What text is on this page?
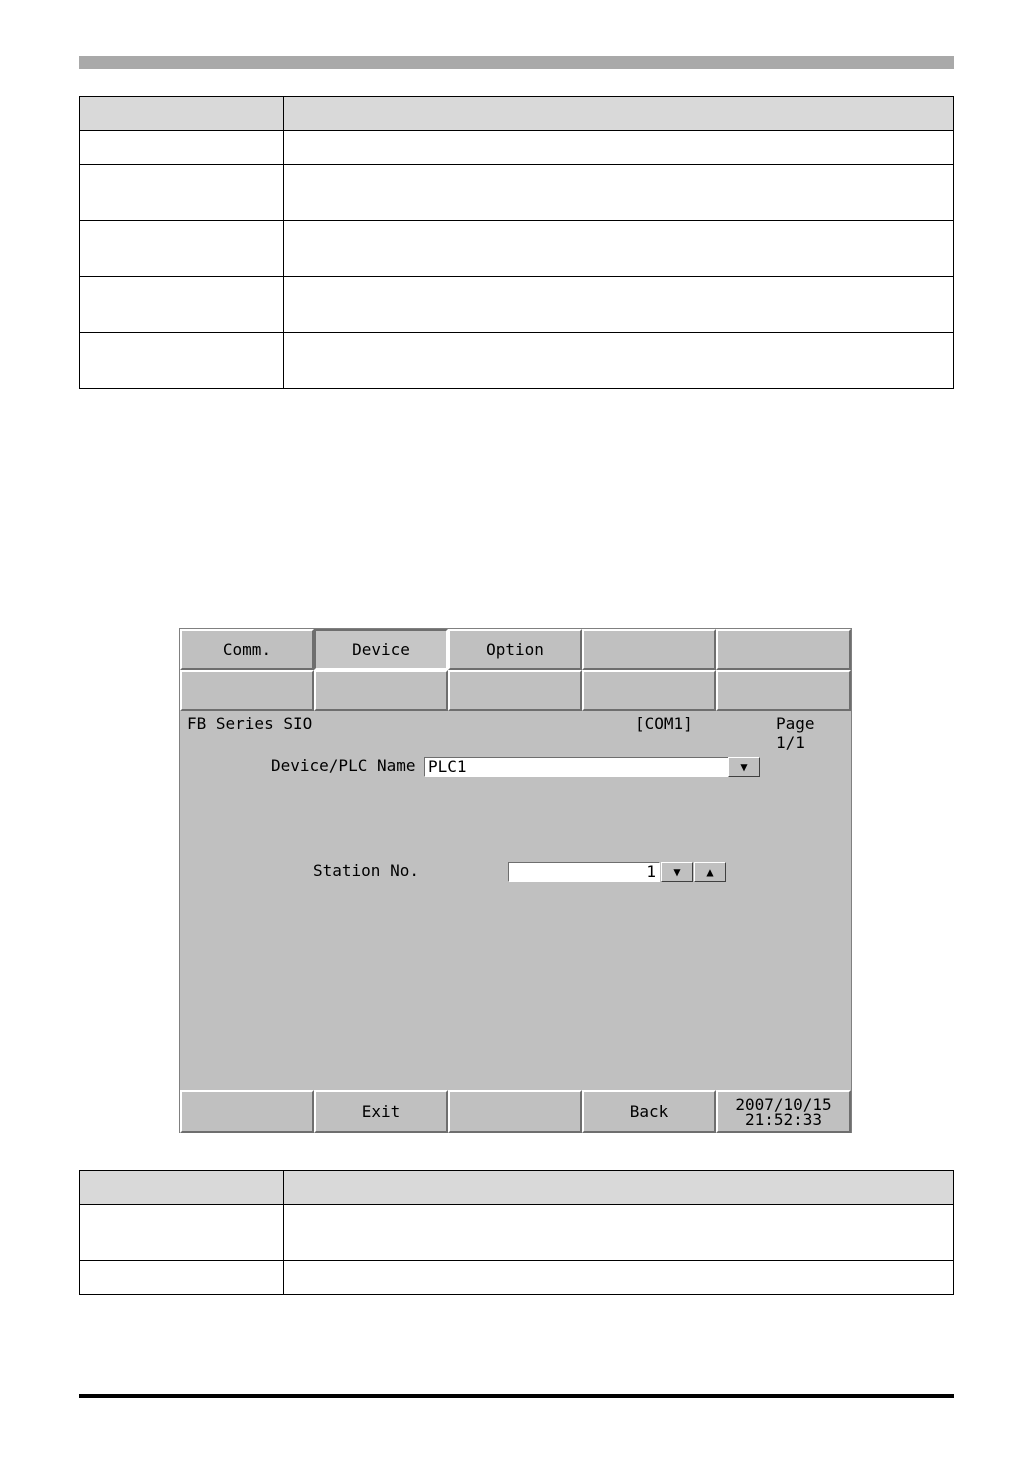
Comm.	Device	Option
FB Series SIO	[COM1]	Page 1/1
Device/PLC Name PLC1	▼
Station No.	1	▼	▲
Exit	Back	2007/10/15
21:52:33
